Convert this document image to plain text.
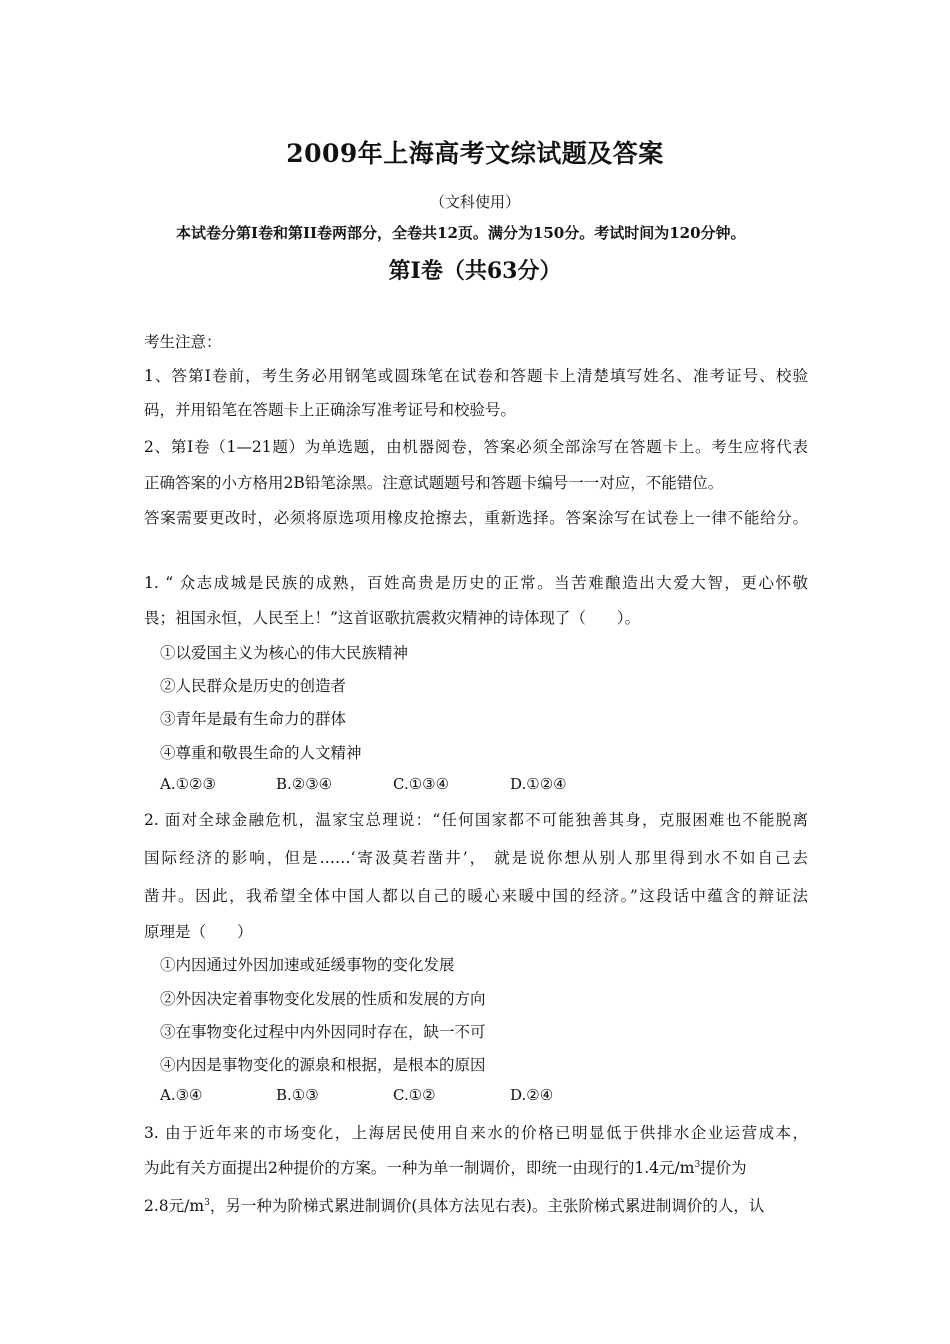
2009年上海高考文综试题及答案
（文科使用）
本试卷分第Ⅰ卷和第II卷两部分，全卷共12页。满分为150分。考试时间为120分钟。
第Ⅰ卷（共63分）
考生注意：
1、答第Ⅰ卷前，考生务必用钢笔或圆珠笔在试卷和答题卡上清楚填写姓名、准考证号、校验
码，并用铅笔在答题卡上正确涂写准考证号和校验号。
2、第Ⅰ卷（1—21题）为单选题，由机器阅卷，答案必须全部涂写在答题卡上。考生应将代表
正确答案的小方格用2B铅笔涂黑。注意试题题号和答题卡编号一一对应，不能错位。
答案需要更改时，必须将原选项用橡皮抢擦去，重新选择。答案涂写在试卷上一律不能给分。
1. “ 众志成城是民族的成熟，百姓高贵是历史的正常。当苦难酿造出大爱大智，更心怀敬
畏；祖国永恒，人民至上！”这首讴歌抗震救灾精神的诗体现了（　　）。
①以爱国主义为核心的伟大民族精神
②人民群众是历史的创造者
③青年是最有生命力的群体
④尊重和敬畏生命的人文精神
A.①②③	B.②③④	C.①③④	D.①②④
2. 面对全球金融危机，温家宝总理说：“任何国家都不可能独善其身，克服困难也不能脱离
国际经济的影响，但是……‘寄汲莫若凿井’， 就是说你想从别人那里得到水不如自己去
凿井。因此，我希望全体中国人都以自己的暖心来暖中国的经济。”这段话中蕴含的辩证法
原理是（　　）
①内因通过外因加速或延缓事物的变化发展
②外因决定着事物变化发展的性质和发展的方向
③在事物变化过程中内外因同时存在，缺一不可
④内因是事物变化的源泉和根据，是根本的原因
A.③④	B.①③	C.①②	D.②④
3. 由于近年来的市场变化，上海居民使用自来水的价格已明显低于供排水企业运营成本，
为此有关方面提出2种提价的方案。一种为单一制调价，即统一由现行的1.4元$/m^3$提价为
2.8元$/m^3$，另一种为阶梯式累进制调价(具体方法见右表)。主张阶梯式累进制调价的人，认
